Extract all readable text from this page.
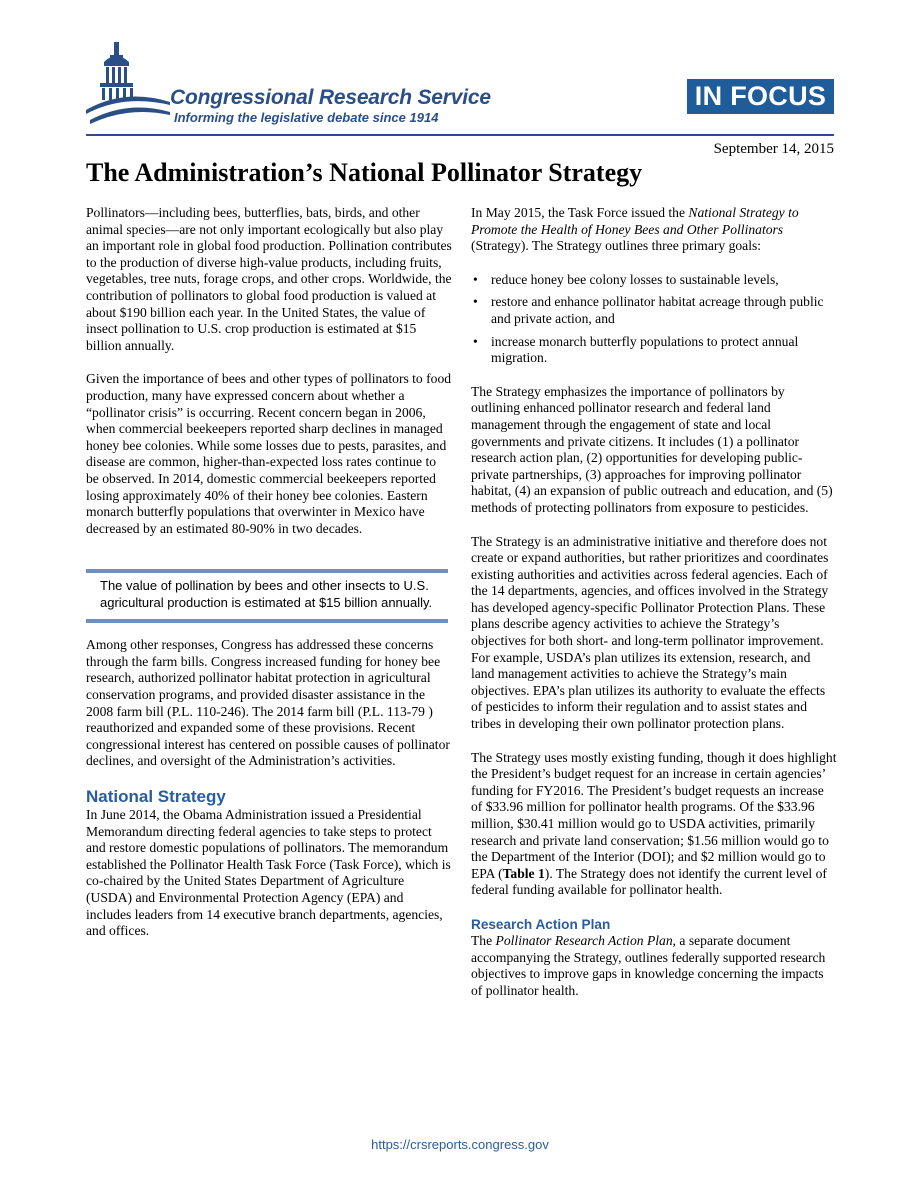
Congressional Research Service
Informing the legislative debate since 1914
IN FOCUS
September 14, 2015
The Administration’s National Pollinator Strategy

Pollinators—including bees, butterflies, bats, birds, and other animal species—are not only important ecologically but also play an important role in global food production. Pollination contributes to the production of diverse high-value products, including fruits, vegetables, tree nuts, forage crops, and other crops. Worldwide, the contribution of pollinators to global food production is valued at about $190 billion each year. In the United States, the value of insect pollination to U.S. crop production is estimated at $15 billion annually.

Given the importance of bees and other types of pollinators to food production, many have expressed concern about whether a “pollinator crisis” is occurring. Recent concern began in 2006, when commercial beekeepers reported sharp declines in managed honey bee colonies. While some losses due to pests, parasites, and disease are common, higher-than-expected loss rates continue to be observed. In 2014, domestic commercial beekeepers reported losing approximately 40% of their honey bee colonies. Eastern monarch butterfly populations that overwinter in Mexico have decreased by an estimated 80-90% in two decades.

The value of pollination by bees and other insects to U.S. agricultural production is estimated at $15 billion annually.

Among other responses, Congress has addressed these concerns through the farm bills. Congress increased funding for honey bee research, authorized pollinator habitat protection in agricultural conservation programs, and provided disaster assistance in the 2008 farm bill (P.L. 110-246). The 2014 farm bill (P.L. 113-79 ) reauthorized and expanded some of these provisions. Recent congressional interest has centered on possible causes of pollinator declines, and oversight of the Administration’s activities.

National Strategy

In June 2014, the Obama Administration issued a Presidential Memorandum directing federal agencies to take steps to protect and restore domestic populations of pollinators. The memorandum established the Pollinator Health Task Force (Task Force), which is co-chaired by the United States Department of Agriculture (USDA) and Environmental Protection Agency (EPA) and includes leaders from 14 executive branch departments, agencies, and offices.

In May 2015, the Task Force issued the National Strategy to Promote the Health of Honey Bees and Other Pollinators (Strategy). The Strategy outlines three primary goals:

• reduce honey bee colony losses to sustainable levels,
• restore and enhance pollinator habitat acreage through public and private action, and
• increase monarch butterfly populations to protect annual migration.

The Strategy emphasizes the importance of pollinators by outlining enhanced pollinator research and federal land management through the engagement of state and local governments and private citizens. It includes (1) a pollinator research action plan, (2) opportunities for developing public-private partnerships, (3) approaches for improving pollinator habitat, (4) an expansion of public outreach and education, and (5) methods of protecting pollinators from exposure to pesticides.

The Strategy is an administrative initiative and therefore does not create or expand authorities, but rather prioritizes and coordinates existing authorities and activities across federal agencies. Each of the 14 departments, agencies, and offices involved in the Strategy has developed agency-specific Pollinator Protection Plans. These plans describe agency activities to achieve the Strategy’s objectives for both short- and long-term pollinator improvement. For example, USDA’s plan utilizes its extension, research, and land management activities to achieve the Strategy’s main objectives. EPA’s plan utilizes its authority to evaluate the effects of pesticides to inform their regulation and to assist states and tribes in developing their own pollinator protection plans.

The Strategy uses mostly existing funding, though it does highlight the President’s budget request for an increase in certain agencies’ funding for FY2016. The President’s budget requests an increase of $33.96 million for pollinator health programs. Of the $33.96 million, $30.41 million would go to USDA activities, primarily research and private land conservation; $1.56 million would go to the Department of the Interior (DOI); and $2 million would go to EPA (Table 1). The Strategy does not identify the current level of federal funding available for pollinator health.

Research Action Plan

The Pollinator Research Action Plan, a separate document accompanying the Strategy, outlines federally supported research objectives to improve gaps in knowledge concerning the impacts of pollinator health.

https://crsreports.congress.gov
